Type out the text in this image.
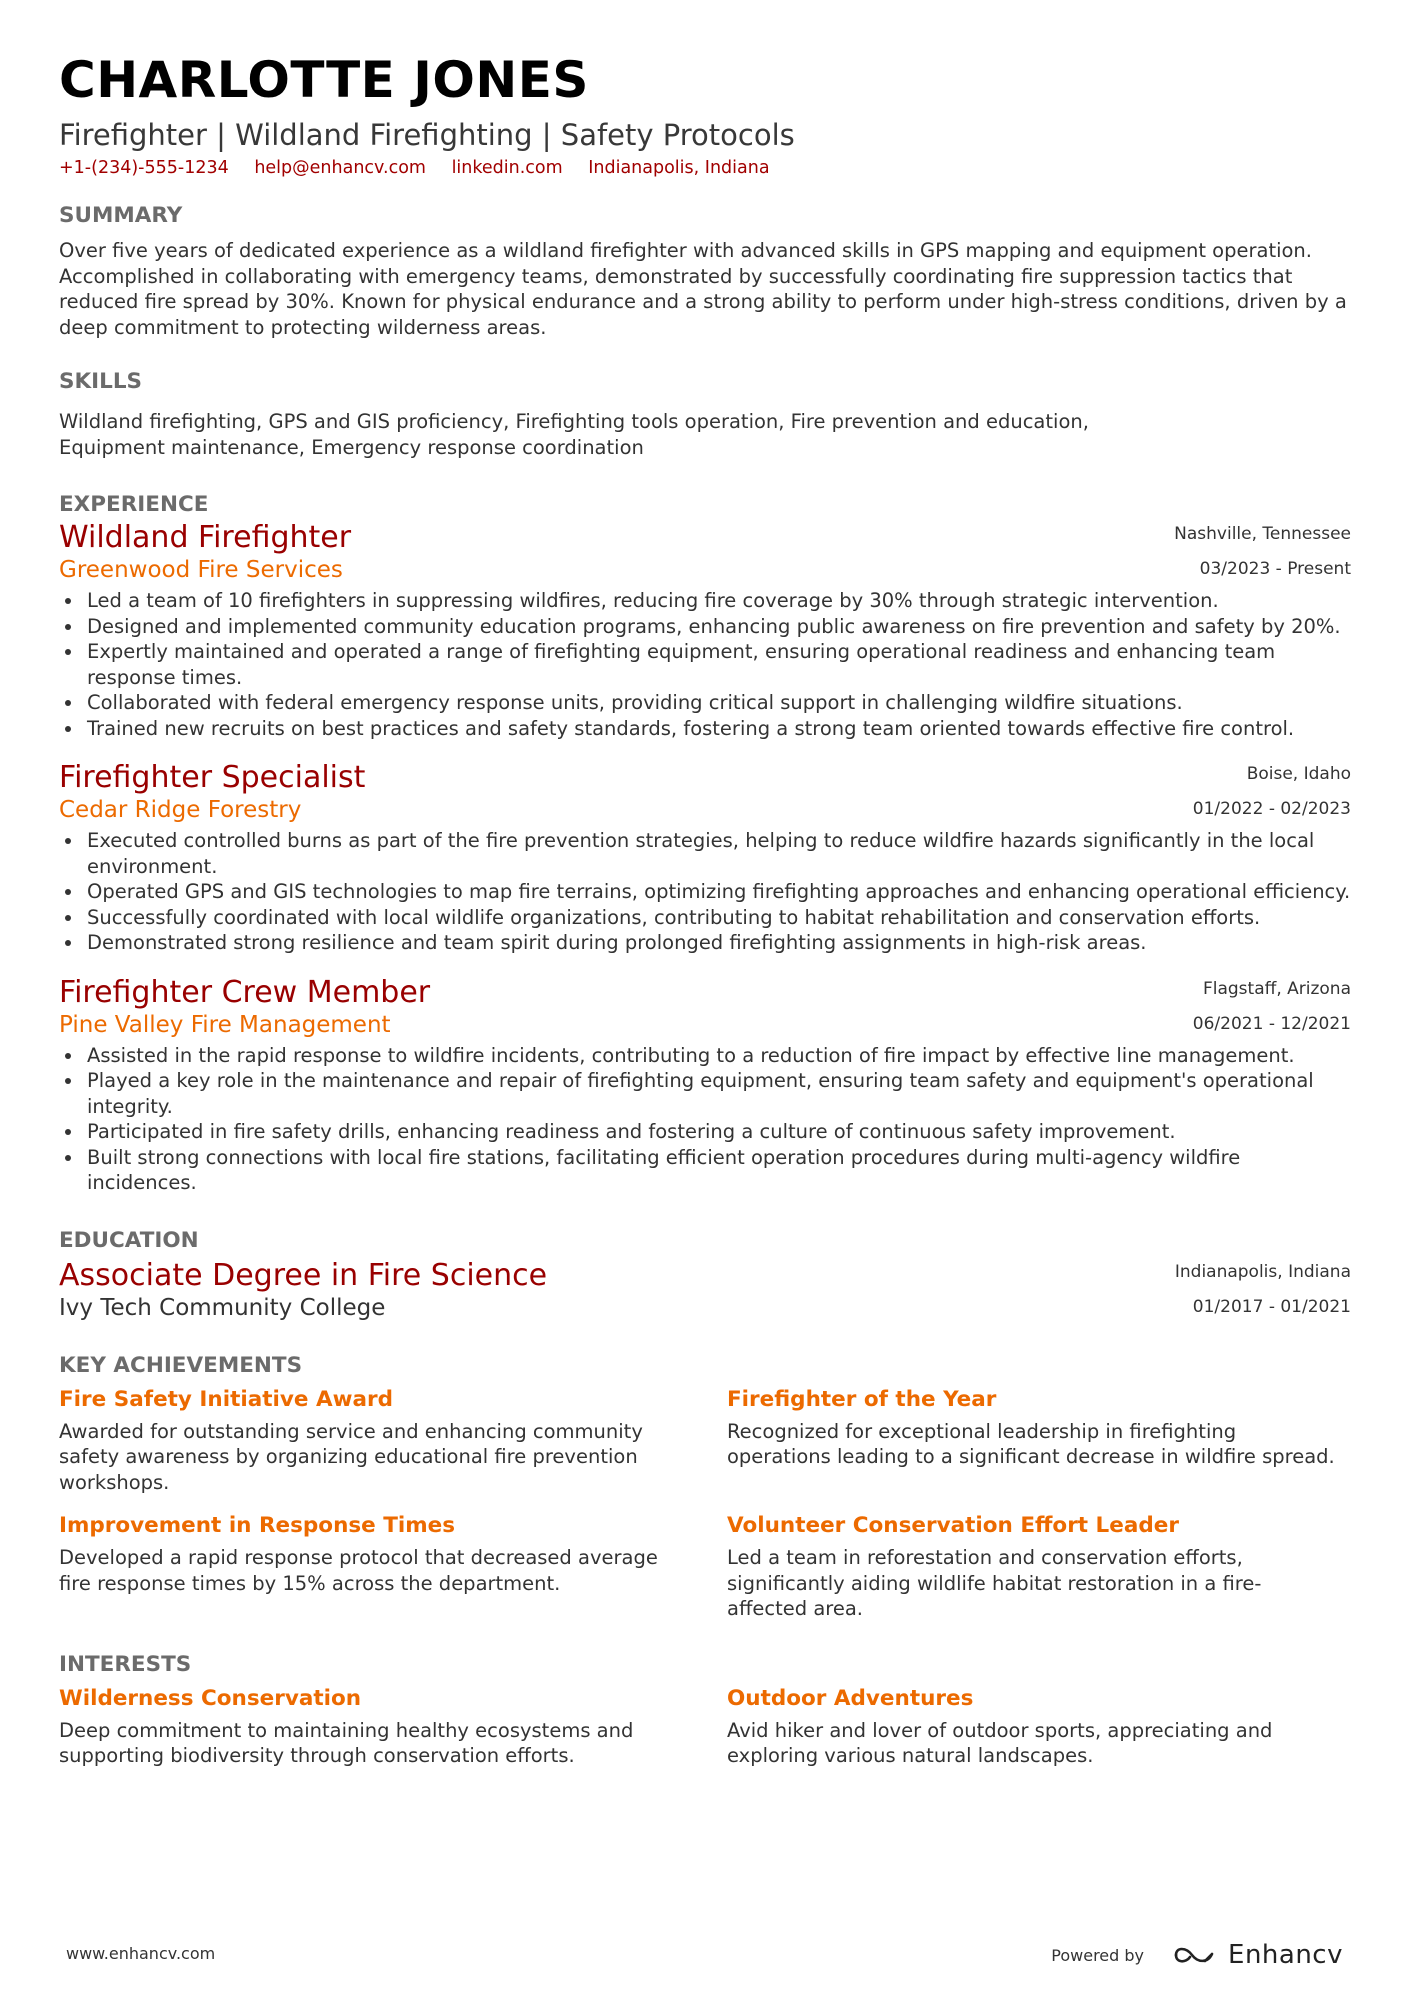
CHARLOTTE JONES
Firefighter | Wildland Firefighting | Safety Protocols
+1-(234)-555-1234 help@enhancv.com linkedin.com Indianapolis, Indiana
SUMMARY
Over five years of dedicated experience as a wildland firefighter with advanced skills in GPS mapping and equipment operation. Accomplished in collaborating with emergency teams, demonstrated by successfully coordinating fire suppression tactics that reduced fire spread by 30%. Known for physical endurance and a strong ability to perform under high-stress conditions, driven by a deep commitment to protecting wilderness areas.
SKILLS
Wildland firefighting, GPS and GIS proficiency, Firefighting tools operation, Fire prevention and education,
Equipment maintenance, Emergency response coordination
EXPERIENCE
Wildland Firefighter
Greenwood Fire Services
Nashville, Tennessee
03/2023 - Present
Led a team of 10 firefighters in suppressing wildfires, reducing fire coverage by 30% through strategic intervention.
Designed and implemented community education programs, enhancing public awareness on fire prevention and safety by 20%.
Expertly maintained and operated a range of firefighting equipment, ensuring operational readiness and enhancing team response times.
Collaborated with federal emergency response units, providing critical support in challenging wildfire situations.
Trained new recruits on best practices and safety standards, fostering a strong team oriented towards effective fire control.
Firefighter Specialist
Cedar Ridge Forestry
Boise, Idaho
01/2022 - 02/2023
Executed controlled burns as part of the fire prevention strategies, helping to reduce wildfire hazards significantly in the local environment.
Operated GPS and GIS technologies to map fire terrains, optimizing firefighting approaches and enhancing operational efficiency.
Successfully coordinated with local wildlife organizations, contributing to habitat rehabilitation and conservation efforts.
Demonstrated strong resilience and team spirit during prolonged firefighting assignments in high-risk areas.
Firefighter Crew Member
Pine Valley Fire Management
Flagstaff, Arizona
06/2021 - 12/2021
Assisted in the rapid response to wildfire incidents, contributing to a reduction of fire impact by effective line management.
Played a key role in the maintenance and repair of firefighting equipment, ensuring team safety and equipment's operational integrity.
Participated in fire safety drills, enhancing readiness and fostering a culture of continuous safety improvement.
Built strong connections with local fire stations, facilitating efficient operation procedures during multi-agency wildfire incidences.
EDUCATION
Associate Degree in Fire Science
Ivy Tech Community College
Indianapolis, Indiana
01/2017 - 01/2021
KEY ACHIEVEMENTS
Fire Safety Initiative Award
Awarded for outstanding service and enhancing community safety awareness by organizing educational fire prevention workshops.
Firefighter of the Year
Recognized for exceptional leadership in firefighting operations leading to a significant decrease in wildfire spread.
Improvement in Response Times
Developed a rapid response protocol that decreased average fire response times by 15% across the department.
Volunteer Conservation Effort Leader
Led a team in reforestation and conservation efforts, significantly aiding wildlife habitat restoration in a fire-affected area.
INTERESTS
Wilderness Conservation
Deep commitment to maintaining healthy ecosystems and supporting biodiversity through conservation efforts.
Outdoor Adventures
Avid hiker and lover of outdoor sports, appreciating and exploring various natural landscapes.
www.enhancv.com	Powered by	Enhancv
